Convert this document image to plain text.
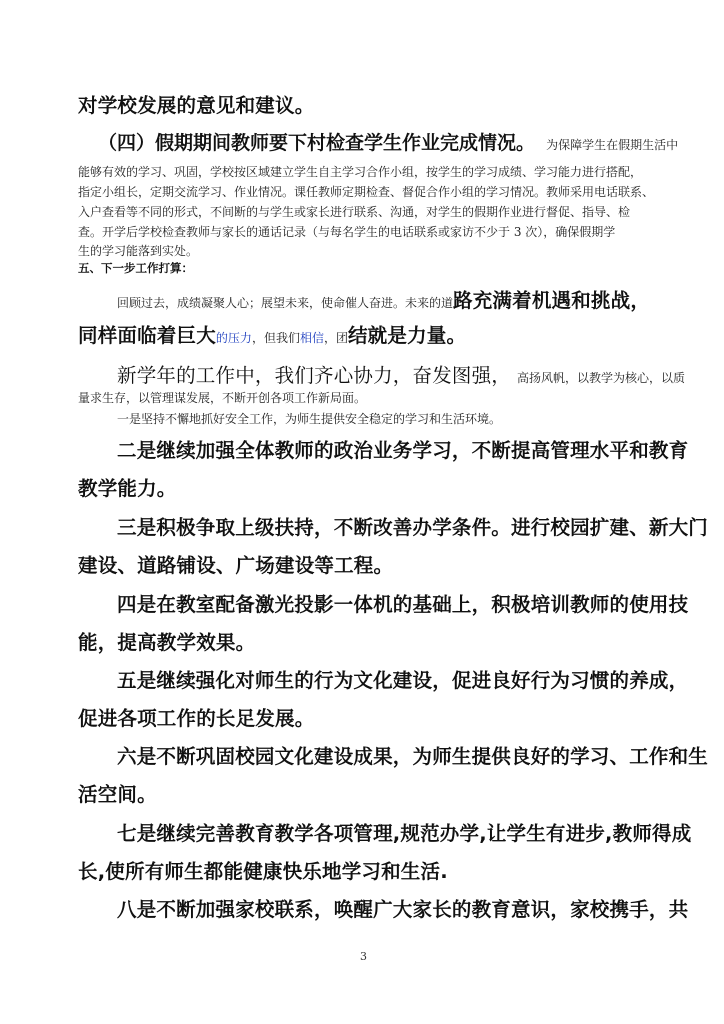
对学校发展的意见和建议。
（四）假期期间教师要下村检查学生作业完成情况。 为保障学生在假期生活中
能够有效的学习、巩固，学校按区域建立学生自主学习合作小组，按学生的学习成绩、学习能力进行搭配，
指定小组长，定期交流学习、作业情况。课任教师定期检查、督促合作小组的学习情况。教师采用电话联系、
入户查看等不同的形式，不间断的与学生或家长进行联系、沟通，对学生的假期作业进行督促、指导、检
查。开学后学校检查教师与家长的通话记录（与每名学生的电话联系或家访不少于 3 次），确保假期学
生的学习能落到实处。
五、下一步工作打算：
回顾过去，成绩凝聚人心；展望未来，使命催人奋进。未来的道路充满着机遇和挑战，
同样面临着巨大的压力，但我们相信，团结就是力量。
新学年的工作中，我们齐心协力，奋发图强， 高扬风帆，以教学为核心，以质
量求生存，以管理谋发展，不断开创各项工作新局面。
一是坚持不懈地抓好安全工作，为师生提供安全稳定的学习和生活环境。
二是继续加强全体教师的政治业务学习，不断提高管理水平和教育
教学能力。
三是积极争取上级扶持，不断改善办学条件。进行校园扩建、新大门
建设、道路铺设、广场建设等工程。
四是在教室配备激光投影一体机的基础上，积极培训教师的使用技
能，提高教学效果。
五是继续强化对师生的行为文化建设，促进良好行为习惯的养成，
促进各项工作的长足发展。
六是不断巩固校园文化建设成果，为师生提供良好的学习、工作和生
活空间。
七是继续完善教育教学各项管理,规范办学,让学生有进步,教师得成
长,使所有师生都能健康快乐地学习和生活.
八是不断加强家校联系，唤醒广大家长的教育意识，家校携手，共
3
